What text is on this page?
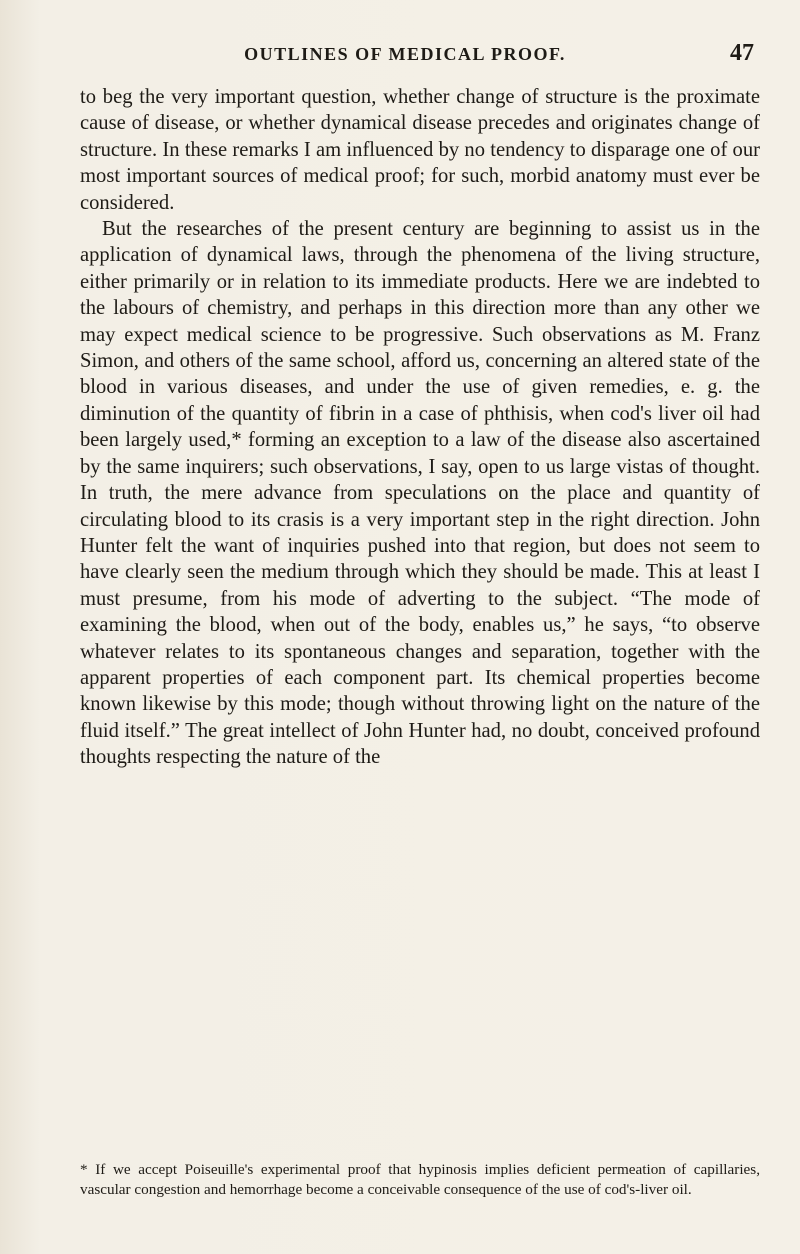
OUTLINES OF MEDICAL PROOF.	47

to beg the very important question, whether change of structure is the proximate cause of disease, or whether dynamical disease precedes and originates change of structure. In these remarks I am influenced by no tendency to disparage one of our most important sources of medical proof; for such, morbid anatomy must ever be considered.

But the researches of the present century are beginning to assist us in the application of dynamical laws, through the phenomena of the living structure, either primarily or in relation to its immediate products. Here we are indebted to the labours of chemistry, and perhaps in this direction more than any other we may expect medical science to be progressive. Such observations as M. Franz Simon, and others of the same school, afford us, concerning an altered state of the blood in various diseases, and under the use of given remedies, e. g. the diminution of the quantity of fibrin in a case of phthisis, when cod's liver oil had been largely used,* forming an exception to a law of the disease also ascertained by the same inquirers; such observations, I say, open to us large vistas of thought. In truth, the mere advance from speculations on the place and quantity of circulating blood to its crasis is a very important step in the right direction. John Hunter felt the want of inquiries pushed into that region, but does not seem to have clearly seen the medium through which they should be made. This at least I must presume, from his mode of adverting to the subject. “The mode of examining the blood, when out of the body, enables us,” he says, “to observe whatever relates to its spontaneous changes and separation, together with the apparent properties of each component part. Its chemical properties become known likewise by this mode; though without throwing light on the nature of the fluid itself.” The great intellect of John Hunter had, no doubt, conceived profound thoughts respecting the nature of the

* If we accept Poiseuille's experimental proof that hypinosis implies deficient permeation of capillaries, vascular congestion and hemorrhage become a conceivable consequence of the use of cod's-liver oil.
